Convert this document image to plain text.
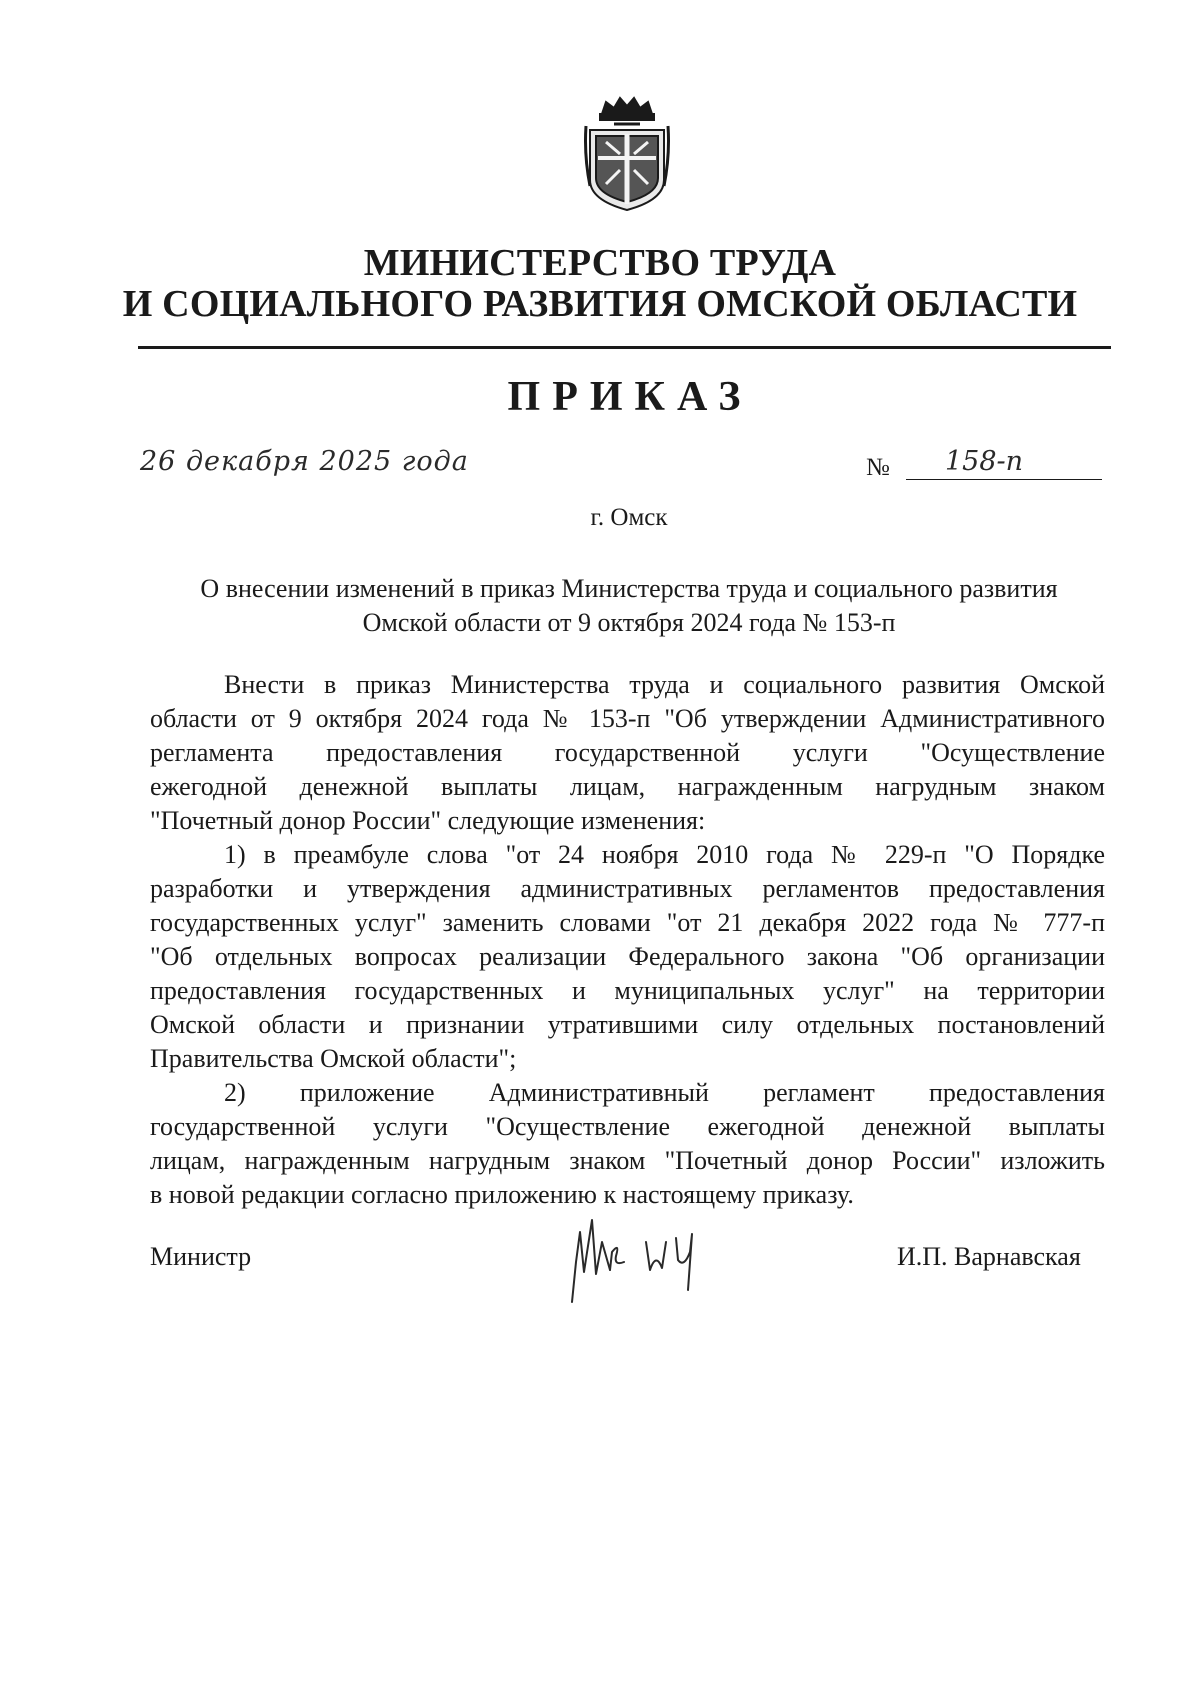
МИНИСТЕРСТВО ТРУДА
И СОЦИАЛЬНОГО РАЗВИТИЯ ОМСКОЙ ОБЛАСТИ
ПРИКАЗ
26 декабря 2025 года	№ 158-п
г. Омск
О внесении изменений в приказ Министерства труда и социального развития
Омской области от 9 октября 2024 года № 153-п
Внести в приказ Министерства труда и социального развития Омской
области от 9 октября 2024 года № 153-п "Об утверждении Административного
регламента предоставления государственной услуги "Осуществление
ежегодной денежной выплаты лицам, награжденным нагрудным знаком
"Почетный донор России" следующие изменения:
1) в преамбуле слова "от 24 ноября 2010 года № 229-п "О Порядке
разработки и утверждения административных регламентов предоставления
государственных услуг" заменить словами "от 21 декабря 2022 года № 777-п
"Об отдельных вопросах реализации Федерального закона "Об организации
предоставления государственных и муниципальных услуг" на территории
Омской области и признании утратившими силу отдельных постановлений
Правительства Омской области";
2) приложение Административный регламент предоставления
государственной услуги "Осуществление ежегодной денежной выплаты
лицам, награжденным нагрудным знаком "Почетный донор России" изложить
в новой редакции согласно приложению к настоящему приказу.
Министр	И.П. Варнавская
